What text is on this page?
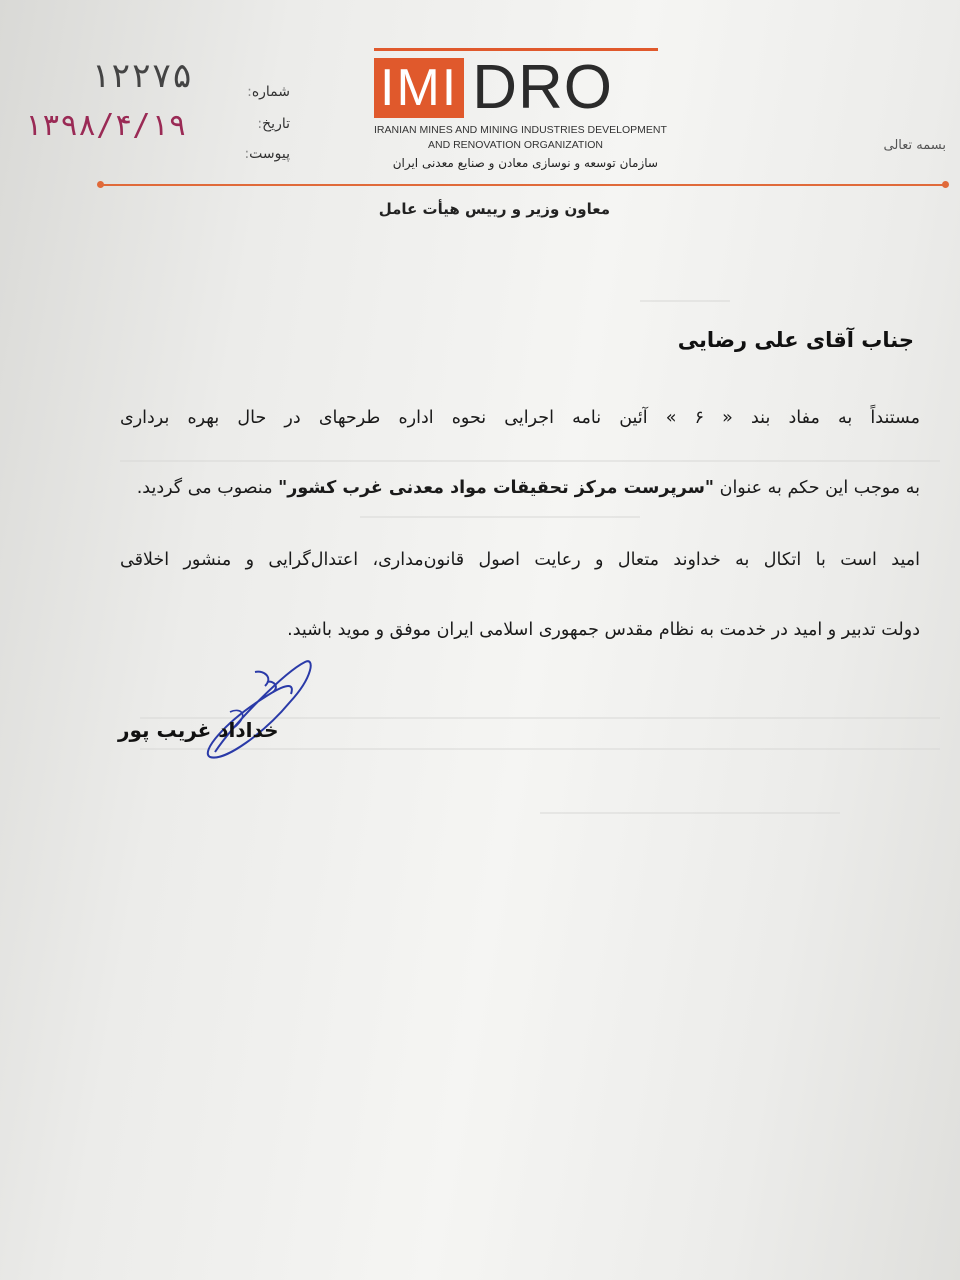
شماره:
تاریخ:
پیوست:
۱۲۲۷۵
۱۳۹۸/۴/۱۹
IMI DRO
IRANIAN MINES AND MINING INDUSTRIES DEVELOPMENT
AND RENOVATION ORGANIZATION
سازمان توسعه و نوسازی معادن و صنایع معدنی ایران
بسمه تعالی
معاون وزیر و رییس هیأت عامل
جناب آقای علی رضایی
مستنداً به مفاد بند « ۶ » آئین نامه اجرایی نحوه اداره طرحهای در حال بهره برداری
به موجب این حکم به عنوان "سرپرست مرکز تحقیقات مواد معدنی غرب کشور" منصوب می گردید.
امید است با اتکال به خداوند متعال و رعایت اصول قانون‌مداری، اعتدال‌گرایی و منشور اخلاقی
دولت تدبیر و امید در خدمت به نظام مقدس جمهوری اسلامی ایران موفق و موید باشید.
خداداد غریب پور
